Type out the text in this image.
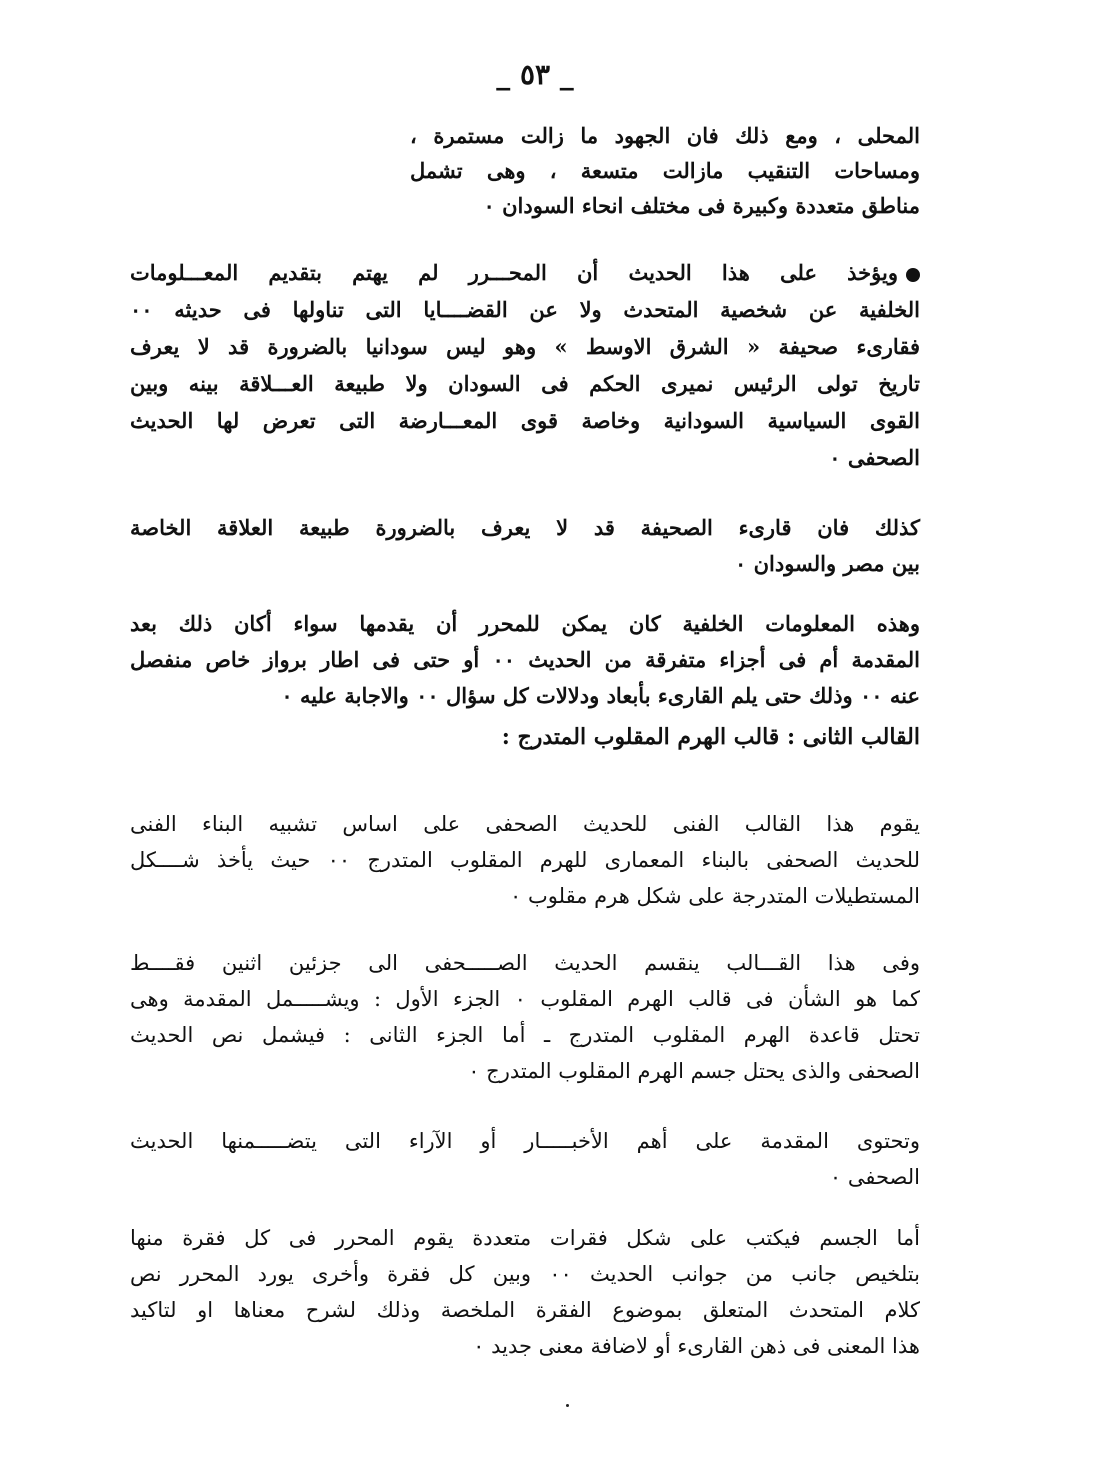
_ ٥٣ _
المحلى ، ومع ذلك فان الجهود ما زالت مستمرة ،
ومساحات التنقيب مازالت متسعة ، وهى تشمل
مناطق متعددة وكبيرة فى مختلف انحاء السودان ٠
ويؤخذ على هذا الحديث أن المحـــرر لم يهتم بتقديم المعـــلومات
الخلفية عن شخصية المتحدث ولا عن القضــــايا التى تناولها فى حديثه ٠٠
فقارىء صحيفة « الشرق الاوسط » وهو ليس سودانيا بالضرورة قد لا يعرف
تاريخ تولى الرئيس نميرى الحكم فى السودان ولا طبيعة العـــلاقة بينه وبين
القوى السياسية السودانية وخاصة قوى المعـــارضة التى تعرض لها الحديث
الصحفى ٠
كذلك فان قارىء الصحيفة قد لا يعرف بالضرورة طبيعة العلاقة الخاصة
بين مصر والسودان ٠
وهذه المعلومات الخلفية كان يمكن للمحرر أن يقدمها سواء أكان ذلك بعد
المقدمة أم فى أجزاء متفرقة من الحديث ٠٠ أو حتى فى اطار برواز خاص منفصل
عنه ٠٠ وذلك حتى يلم القارىء بأبعاد ودلالات كل سؤال ٠٠ والاجابة عليه ٠
القالب الثانى : قالب الهرم المقلوب المتدرج :
يقوم هذا القالب الفنى للحديث الصحفى على اساس تشبيه البناء الفنى
للحديث الصحفى بالبناء المعمارى للهرم المقلوب المتدرج ٠٠ حيث يأخذ شــــكل
المستطيلات المتدرجة على شكل هرم مقلوب ٠
وفى هذا القـــالب ينقسم الحديث الصـــــحفى الى جزئين اثنين فقــــط
كما هو الشأن فى قالب الهرم المقلوب ٠ الجزء الأول : ويشـــــمل المقدمة وهى
تحتل قاعدة الهرم المقلوب المتدرج ـ أما الجزء الثانى : فيشمل نص الحديث
الصحفى والذى يحتل جسم الهرم المقلوب المتدرج ٠
وتحتوى المقدمة على أهم الأخبـــــار أو الآراء التى يتضـــــمنها الحديث
الصحفى ٠
أما الجسم فيكتب على شكل فقرات متعددة يقوم المحرر فى كل فقرة منها
بتلخيص جانب من جوانب الحديث ٠٠ وبين كل فقرة وأخرى يورد المحرر نص
كلام المتحدث المتعلق بموضوع الفقرة الملخصة وذلك لشرح معناها او لتاكيد
هذا المعنى فى ذهن القارىء أو لاضافة معنى جديد ٠
